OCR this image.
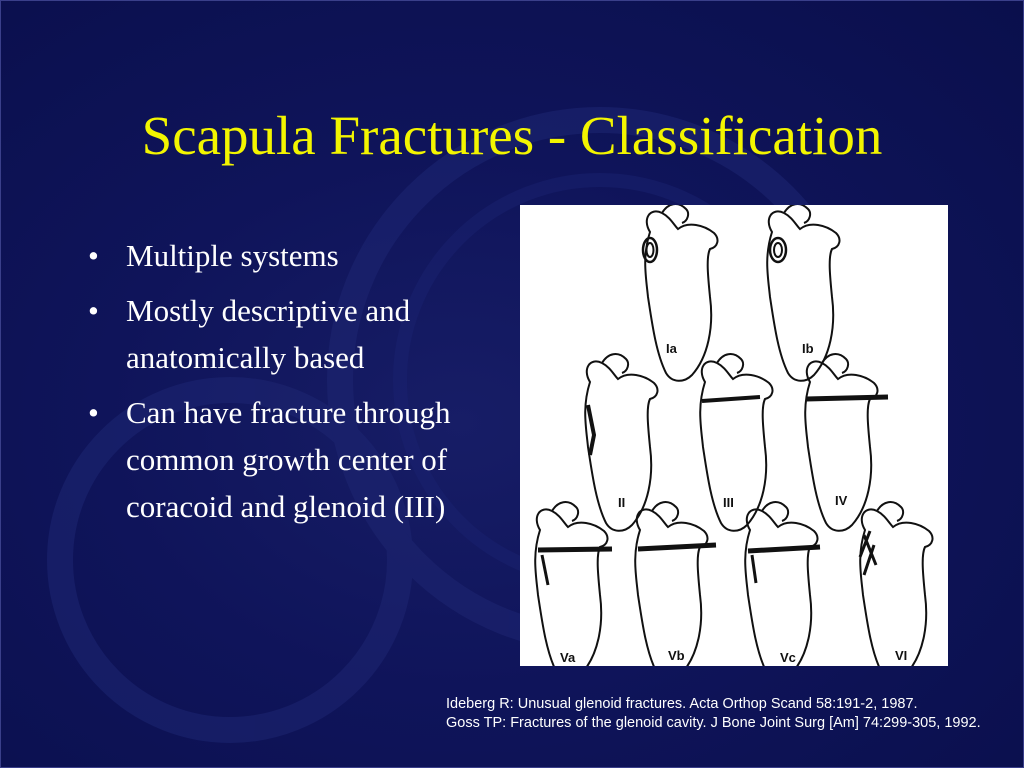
Scapula Fractures - Classification
• Multiple systems
• Mostly descriptive and anatomically based
• Can have fracture through common growth center of coracoid and glenoid (III)
Ia	Ib
II	III	IV
Va	Vb	Vc	VI
Ideberg R: Unusual glenoid fractures. Acta Orthop Scand 58:191-2, 1987.
Goss TP: Fractures of the glenoid cavity. J Bone Joint Surg [Am] 74:299-305, 1992.
